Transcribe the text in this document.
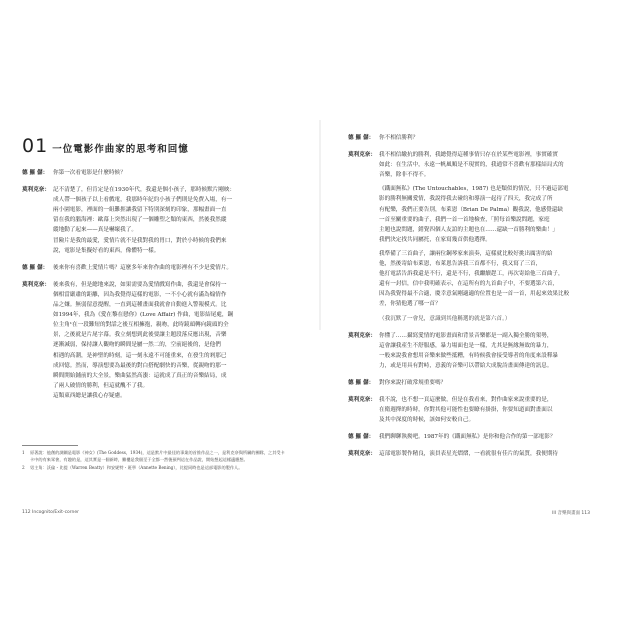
01 一位電影作曲家的思考和回憶
德 羅 儲： 你第一次看電影是什麼時候？
莫利克奈： 記不清楚了，但肯定是在1930年代，我還是個小孩子，那時候默片剛映：
成人帶一個孩子以上看戲電，我那時年紀約小孩子們則是免費入場，有一
兩小園電影，裡面的一組難捱讓我留下特別深刻的印象，那幅畫面一直
留在我的腦海裡：歐幕上突然出現了一個雕塑之類的東西，然後我然縱
縱地動了起來——真是嚇壞我了。
冒險片是我的最愛，愛情片就不是我對我的胃口，對於小時候的我們來
說，電影是集擬好看的東西，像體特一樣。
德 羅 儲： 後來你有喜歡上愛情片嗎？這麼多年來你作曲的電影裡有不少是愛情片。
莫利克奈： 後來我有，但是總地來說，如果需要為愛情戲寫作曲，我還是會保持一
個相當嚴肅的距離，因為我覺得這樣的電影，一不小心就有滿為煽情作
品之嫌。無弱留意提醒，一直到這種畫面我就會自動進入警報模式。比
如1994年，我為《愛在黎在戀你》(Love Affair) 作曲，電影結尾處，鋼
位主角¹在一段難短的對話之後互相擁抱，親吻，此時鏡頭轉向鏡頭的全
景，之後就是片尾字幕。我立刻想到此後要讓主題段落反應出現，音樂
逐漸減弱，保持讓人觀吻的瞬間是屬一然二的，空前絕後的，是他們
相遇的高潮，是神聖的時刻，這一刻永遠不可能重來，在發生的剎那已
成回憶。然而，導演想要為最後的對白搭配劇快的音樂，從親吻的那一
瞬間開始鋪前的大全景，樂曲猛然高漲：這就成了真正的音樂結局，成
了兩人破情的勝利，但這就醜不了我。
這類東西總是讓我心存疑慮。
1	原著說：他創的調鋼是電影《神女》(The Goddess，1934)，這是默片中最佳的事業的首推作品之一，是利克奈與所屬的團隊，之其受卡卡中的有來眾會，有趣的是，這其實是一個新時，難樓是我個至于全都一然後預判這在作品說，開始想起這樣適應想。
2	男主角：沃倫・比提（Warren Beatty）和安妮特・班寧（Annette Bening），比提同時也是這部電影的製作人。
112 Incognito/Exit-corner
德 羅 儲： 你不相信勝利？
莫利克奈： 我不相信繳抗的勝利，我總覺得這種事情只存在於某些電影裡，事實確實
如此：在生活中，永遠一帆風順是不現實的，我通常不喜歡有那樣結局式的
音樂，除非不得不。
《鐵面無私》(The Untouchables，1987) 也是類似的情況，只不過這部電
影的勝利無關愛情，我說得我去碰約和導演一起待了四天，我完成了所
有配樂，我們正要告別，布萊恩（Brian De Palma）觀我說，他感覺還缺
一首至關重要的曲子，我們一首一首地檢查，「照每首樂說問題，家庭
主題也說問題，錯覺四個人友誼的主題也在……還缺一首勝利的樂曲！」
我們決定找共同屬托，在家寫幾首供他選擇。
我準備了三首曲子，讓兩位鋼琴家來演奏，這樣就比較好挑出厲害的給
他，然後寄給布萊恩，布萊恩告訴我三首都不行，我又寫了三首，
他打電話告訴我還是不行，還是不行，我繼續趕工，再次寄給他三首曲子，
還有一封信，信中我明確表示，在這所有的九首曲子中，不要選第六首，
因為我覺得最不合適，慶幸意氣剛適適的位置也是一首一首，用起來效果比較
差，你猜他選了哪一首？
（我沉默了一會兒，意識到其他稱選的就是第六首。）
莫利克奈： 你懂了……攝寫愛情的電影畫面和背景音樂都是一副入獨全勝的架勢，
這會讓我產生不舒服感，暴力場面也是一樣，尤其是無緣無故的暴力，
一般來說我會想用音樂來做些抵糟，有時候我會接受導者的角度來設釋暴
力，或是用具有對峙，意義的音樂可以帶給大成脫詩畫面傳達的訊息。
德 羅 儲： 對你來說打破常規重要嗎？
莫利克奈： 我不說，也不想一頁這麼做，但是在我看來，對作曲家來說重要的是，
在衛週擇的時時，你對其他可能性也要瞭有掛掛，你要知道面對畫面以
及其中深度的時候，該如何安較自己。
德 羅 儲： 我們聊聊執拗吧。1987年的《鐵面無私》是你和他合作的第一部電影？
莫利克奈： 這部電影製作精良，演員表星光熠熠，一看就很有佳片的氣質，我便期待
III 音樂與畫面 113
